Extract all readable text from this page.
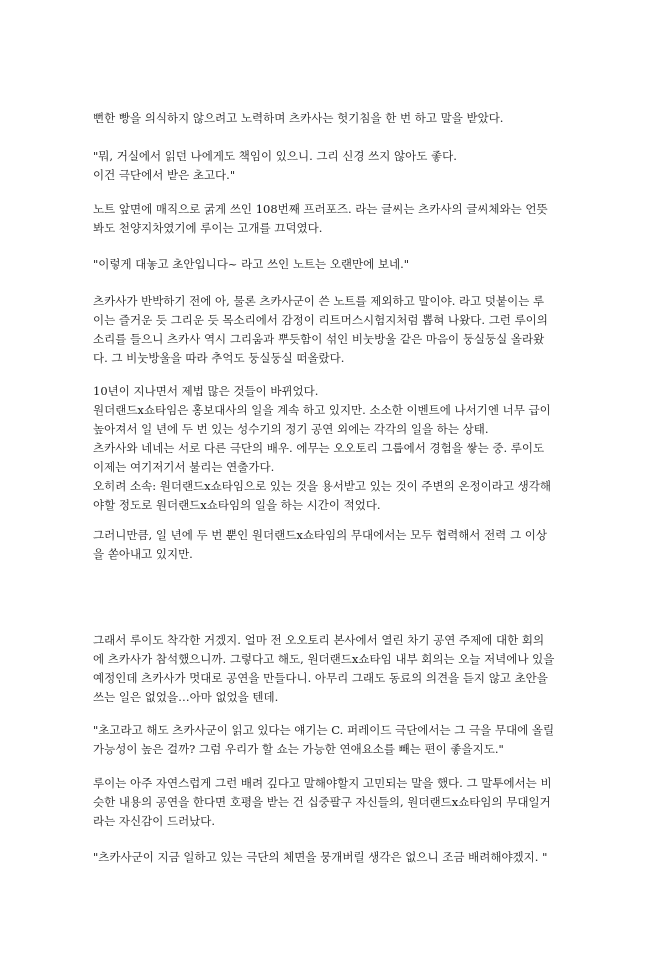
뻔한 빵을 의식하지 않으려고 노력하며 츠카사는 헛기침을 한 번 하고 말을 받았다.
"뭐, 거실에서 읽던 나에게도 책임이 있으니. 그리 신경 쓰지 않아도 좋다.
이건 극단에서 받은 초고다."
노트 앞면에 매직으로 굵게 쓰인 108번째 프러포즈. 라는 글씨는 츠카사의 글씨체와는 언뜻
봐도 천양지차였기에 루이는 고개를 끄덕였다.
"이렇게 대놓고 초안입니다~ 라고 쓰인 노트는 오랜만에 보네."
츠카사가 반박하기 전에 아, 물론 츠카사군이 쓴 노트를 제외하고 말이야. 라고 덧붙이는 루
이는 즐거운 듯 그리운 듯 목소리에서 감정이 리트머스시험지처럼 뽑혀 나왔다. 그런 루이의
소리를 들으니 츠카사 역시 그리움과 뿌듯함이 섞인 비눗방울 같은 마음이 둥실둥실 올라왔
다. 그 비눗방울을 따라 추억도 둥실둥실 떠올랐다.
10년이 지나면서 제법 많은 것들이 바뀌었다.
원더랜드x쇼타임은 홍보대사의 일을 계속 하고 있지만. 소소한 이벤트에 나서기엔 너무 급이
높아져서 일 년에 두 번 있는 성수기의 정기 공연 외에는 각각의 일을 하는 상태.
츠카사와 네네는 서로 다른 극단의 배우. 에무는 오오토리 그룹에서 경험을 쌓는 중. 루이도
이제는 여기저기서 불리는 연출가다.
오히려 소속: 원더랜드x쇼타임으로 있는 것을 용서받고 있는 것이 주변의 온정이라고 생각해
야할 정도로 원더랜드x쇼타임의 일을 하는 시간이 적었다.
그러니만큼, 일 년에 두 번 뿐인 원더랜드x쇼타임의 무대에서는 모두 협력해서 전력 그 이상
을 쏟아내고 있지만.
그래서 루이도 착각한 거겠지. 얼마 전 오오토리 본사에서 열린 차기 공연 주제에 대한 회의
에 츠카사가 참석했으니까. 그렇다고 해도, 원더랜드x쇼타임 내부 회의는 오늘 저녁에나 있을
예정인데 츠카사가 멋대로 공연을 만들다니. 아무리 그래도 동료의 의견을 듣지 않고 초안을
쓰는 일은 없었을…아마 없었을 텐데.
"초고라고 해도 츠카사군이 읽고 있다는 얘기는 C. 퍼레이드 극단에서는 그 극을 무대에 올릴
가능성이 높은 걸까? 그럼 우리가 할 쇼는 가능한 연애요소를 빼는 편이 좋을지도."
루이는 아주 자연스럽게 그런 배려 깊다고 말해야할지 고민되는 말을 했다. 그 말투에서는 비
슷한 내용의 공연을 한다면 호평을 받는 건 십중팔구 자신들의, 원더랜드x쇼타임의 무대일거
라는 자신감이 드러났다.
"츠카사군이 지금 일하고 있는 극단의 체면을 뭉개버릴 생각은 없으니 조금 배려해야겠지. "
